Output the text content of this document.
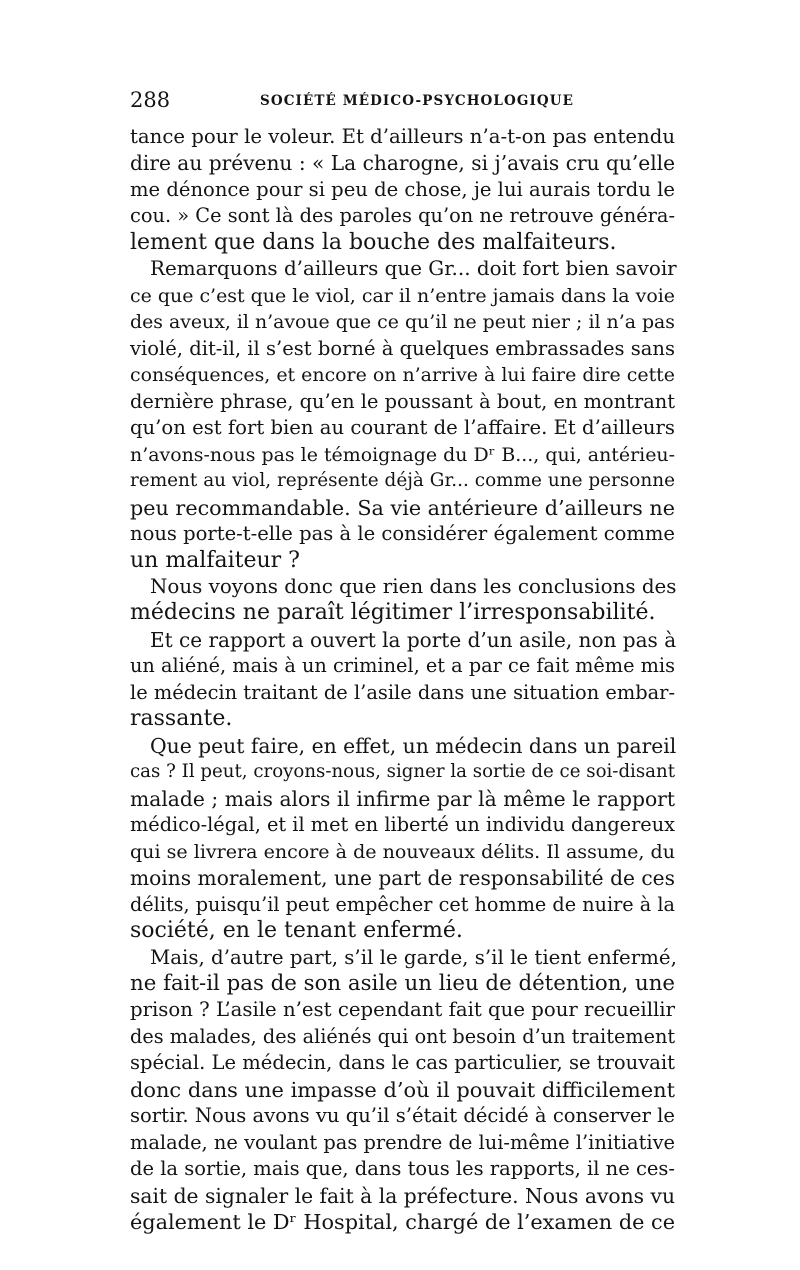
288	SOCIÉTÉ MÉDICO-PSYCHOLOGIQUE
tance pour le voleur. Et d’ailleurs n’a-t-on pas entendu
dire au prévenu : « La charogne, si j’avais cru qu’elle
me dénonce pour si peu de chose, je lui aurais tordu le
cou. » Ce sont là des paroles qu’on ne retrouve généra-
lement que dans la bouche des malfaiteurs.
Remarquons d’ailleurs que Gr... doit fort bien savoir
ce que c’est que le viol, car il n’entre jamais dans la voie
des aveux, il n’avoue que ce qu’il ne peut nier ; il n’a pas
violé, dit-il, il s’est borné à quelques embrassades sans
conséquences, et encore on n’arrive à lui faire dire cette
dernière phrase, qu’en le poussant à bout, en montrant
qu’on est fort bien au courant de l’affaire. Et d’ailleurs
n’avons-nous pas le témoignage du Dʳ B..., qui, antérieu-
rement au viol, représente déjà Gr... comme une personne
peu recommandable. Sa vie antérieure d’ailleurs ne
nous porte-t-elle pas à le considérer également comme
un malfaiteur ?
Nous voyons donc que rien dans les conclusions des
médecins ne paraît légitimer l’irresponsabilité.
Et ce rapport a ouvert la porte d’un asile, non pas à
un aliéné, mais à un criminel, et a par ce fait même mis
le médecin traitant de l’asile dans une situation embar-
rassante.
Que peut faire, en effet, un médecin dans un pareil
cas ? Il peut, croyons-nous, signer la sortie de ce soi-disant
malade ; mais alors il infirme par là même le rapport
médico-légal, et il met en liberté un individu dangereux
qui se livrera encore à de nouveaux délits. Il assume, du
moins moralement, une part de responsabilité de ces
délits, puisqu’il peut empêcher cet homme de nuire à la
société, en le tenant enfermé.
Mais, d’autre part, s’il le garde, s’il le tient enfermé,
ne fait-il pas de son asile un lieu de détention, une
prison ? L’asile n’est cependant fait que pour recueillir
des malades, des aliénés qui ont besoin d’un traitement
spécial. Le médecin, dans le cas particulier, se trouvait
donc dans une impasse d’où il pouvait difficilement
sortir. Nous avons vu qu’il s’était décidé à conserver le
malade, ne voulant pas prendre de lui-même l’initiative
de la sortie, mais que, dans tous les rapports, il ne ces-
sait de signaler le fait à la préfecture. Nous avons vu
également le Dʳ Hospital, chargé de l’examen de ce
